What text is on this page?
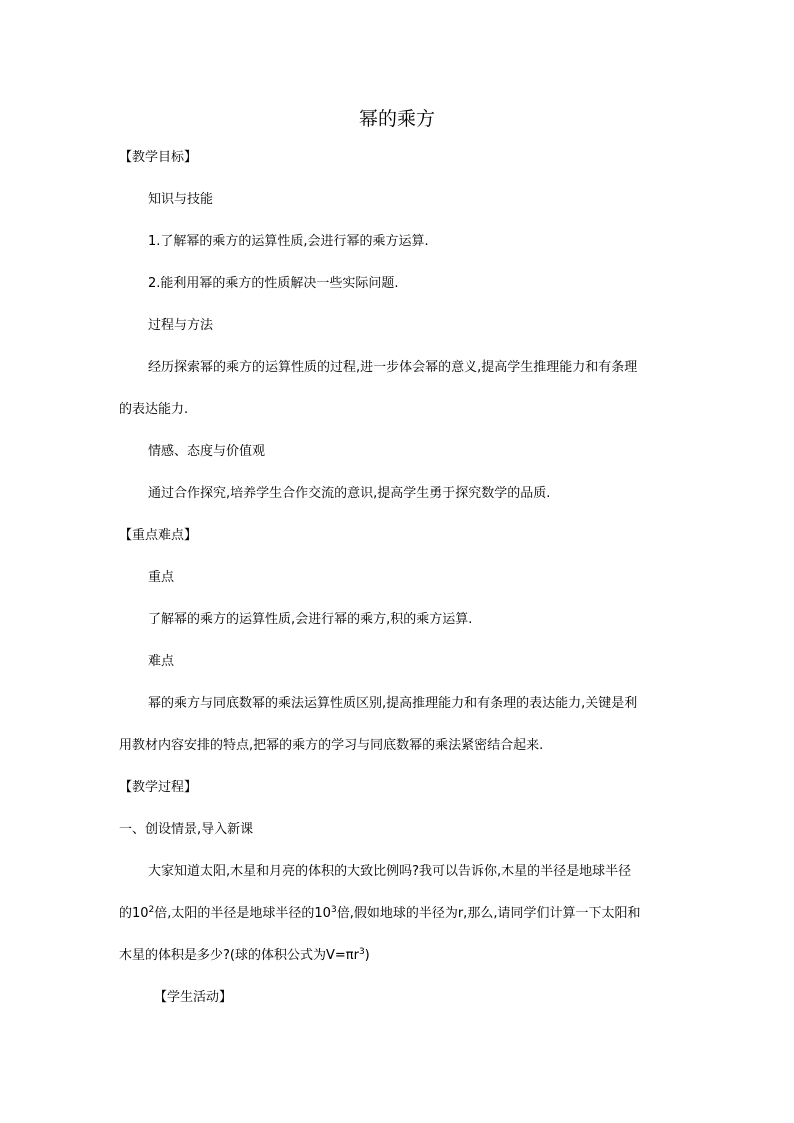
幂的乘方
【教学目标】
知识与技能
1.了解幂的乘方的运算性质,会进行幂的乘方运算.
2.能利用幂的乘方的性质解决一些实际问题.
过程与方法
经历探索幂的乘方的运算性质的过程,进一步体会幂的意义,提高学生推理能力和有条理
的表达能力.
情感、态度与价值观
通过合作探究,培养学生合作交流的意识,提高学生勇于探究数学的品质.
【重点难点】
重点
了解幂的乘方的运算性质,会进行幂的乘方,积的乘方运算.
难点
幂的乘方与同底数幂的乘法运算性质区别,提高推理能力和有条理的表达能力,关键是利
用教材内容安排的特点,把幂的乘方的学习与同底数幂的乘法紧密结合起来.
【教学过程】
一、创设情景,导入新课
大家知道太阳,木星和月亮的体积的大致比例吗?我可以告诉你,木星的半径是地球半径
的$10^2$倍,太阳的半径是地球半径的$10^3$倍,假如地球的半径为r,那么,请同学们计算一下太阳和
木星的体积是多少?(球的体积公式为$V=\pi r^3$)
【学生活动】
